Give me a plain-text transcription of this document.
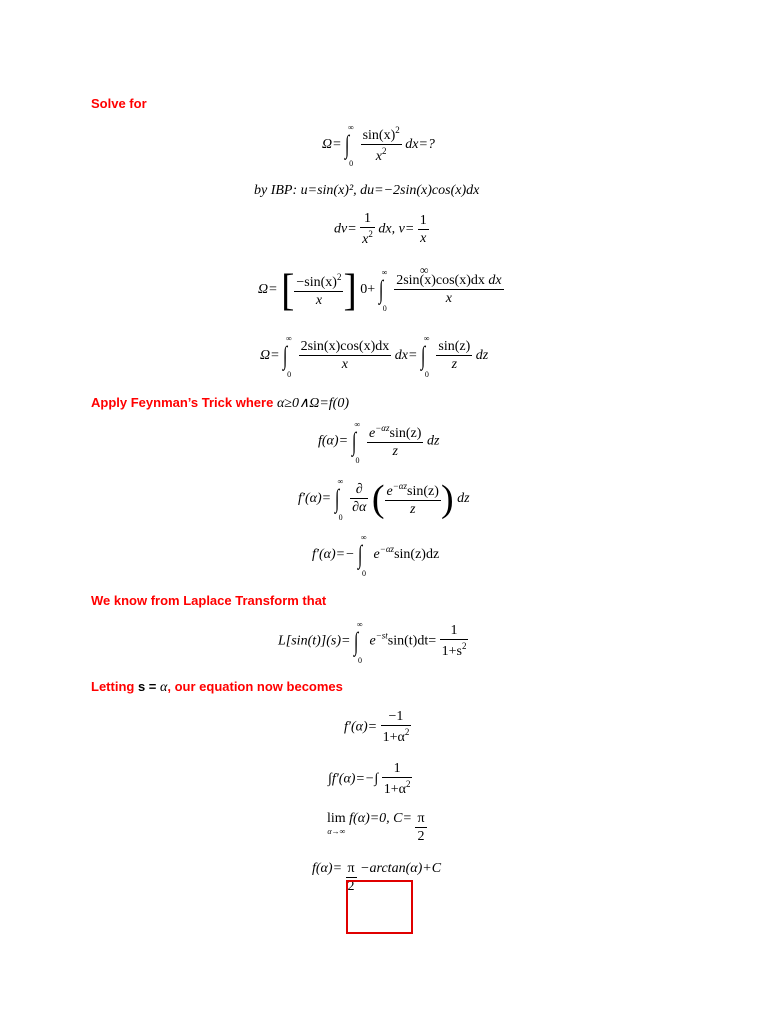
Solve for
Ω= ∫
∞
0
$\frac{\sin(x)^2}{x^2} dx=$?
by IBP: u=sin(x)², du=−2sin(x)cos(x)dx
$dv= \frac{1}{x^2}$ dx, $v= \frac{1}{x}$
∞
Ω= [ $\frac{-\sin(x)^2}{x}$ ] 0+ ∫
∞
0

$\frac{\text{2sin(x)cos(x)dx dx}}{x}$
Ω= ∫
∞
0

$\frac{2\sin(x)\cos(x)dx}{x} dx=$ ∫
∞
0

$\frac{\sin(z)}{z}$ dz
Apply Feynman’s Trick where α≥0∧Ω=f(0)
f(α)= ∫
∞
0

$\frac{e^{-\alpha z}\sin(z)}{z}$ dz
f′(α)= ∫
∞
0

$\frac{\partial}{\partial\alpha}$ ( $\frac{e^{-\alpha z}\sin(z)}{z}$ ) dz
f′(α)=− ∫
∞
0
$e^{-\alpha z}\sin(z)dz$
We know from Laplace Transform that
L[sin(t)](s)= ∫
∞
0
$e^{-st}\sin(t)dt= \frac{1}{1+s^2}$
Letting s = α, our equation now becomes
$f'(\alpha)= \frac{-1}{1+\alpha^2}$
$\int f'(\alpha)=-\int \frac{1}{1+\alpha^2}$
lim
α→∞
f(α)=0, $C= \frac{\pi}{2}$
$f(\alpha)= \frac{\pi}{2} -\arctan(\alpha)+C$
